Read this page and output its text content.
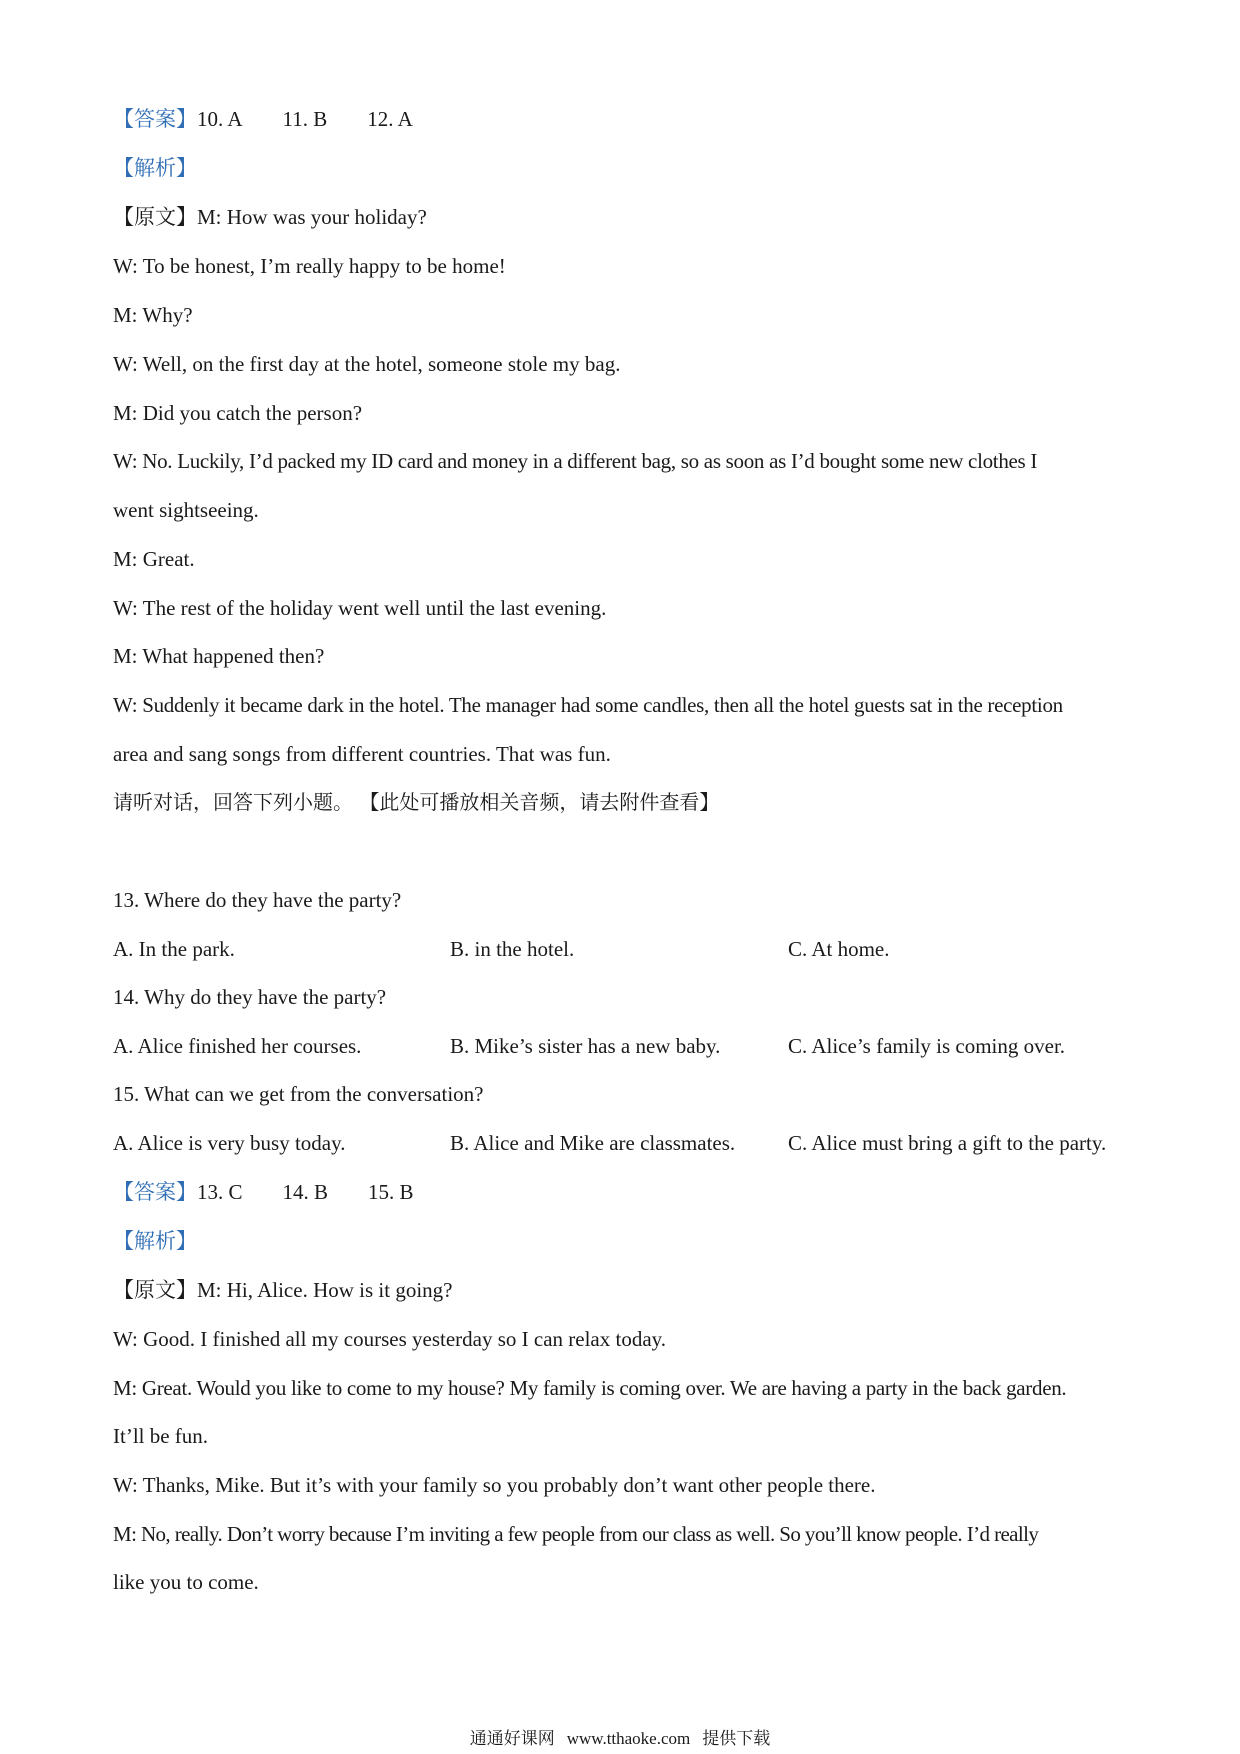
【答案】10. A 11. B 12. A
【解析】
【原文】M: How was your holiday?
W: To be honest, I’m really happy to be home!
M: Why?
W: Well, on the first day at the hotel, someone stole my bag.
M: Did you catch the person?
W: No. Luckily, I’d packed my ID card and money in a different bag, so as soon as I’d bought some new clothes I
went sightseeing.
M: Great.
W: The rest of the holiday went well until the last evening.
M: What happened then?
W: Suddenly it became dark in the hotel. The manager had some candles, then all the hotel guests sat in the reception
area and sang songs from different countries. That was fun.
请听对话，回答下列小题。 【此处可播放相关音频，请去附件查看】
13. Where do they have the party?
A. In the park.	B. in the hotel.	C. At home.
14. Why do they have the party?
A. Alice finished her courses.	B. Mike’s sister has a new baby.	C. Alice’s family is coming over.
15. What can we get from the conversation?
A. Alice is very busy today.	B. Alice and Mike are classmates.	C. Alice must bring a gift to the party.
【答案】13. C 14. B 15. B
【解析】
【原文】M: Hi, Alice. How is it going?
W: Good. I finished all my courses yesterday so I can relax today.
M: Great. Would you like to come to my house? My family is coming over. We are having a party in the back garden.
It’ll be fun.
W: Thanks, Mike. But it’s with your family so you probably don’t want other people there.
M: No, really. Don’t worry because I’m inviting a few people from our class as well. So you’ll know people. I’d really
like you to come.
通通好课网 www.tthaoke.com 提供下载
